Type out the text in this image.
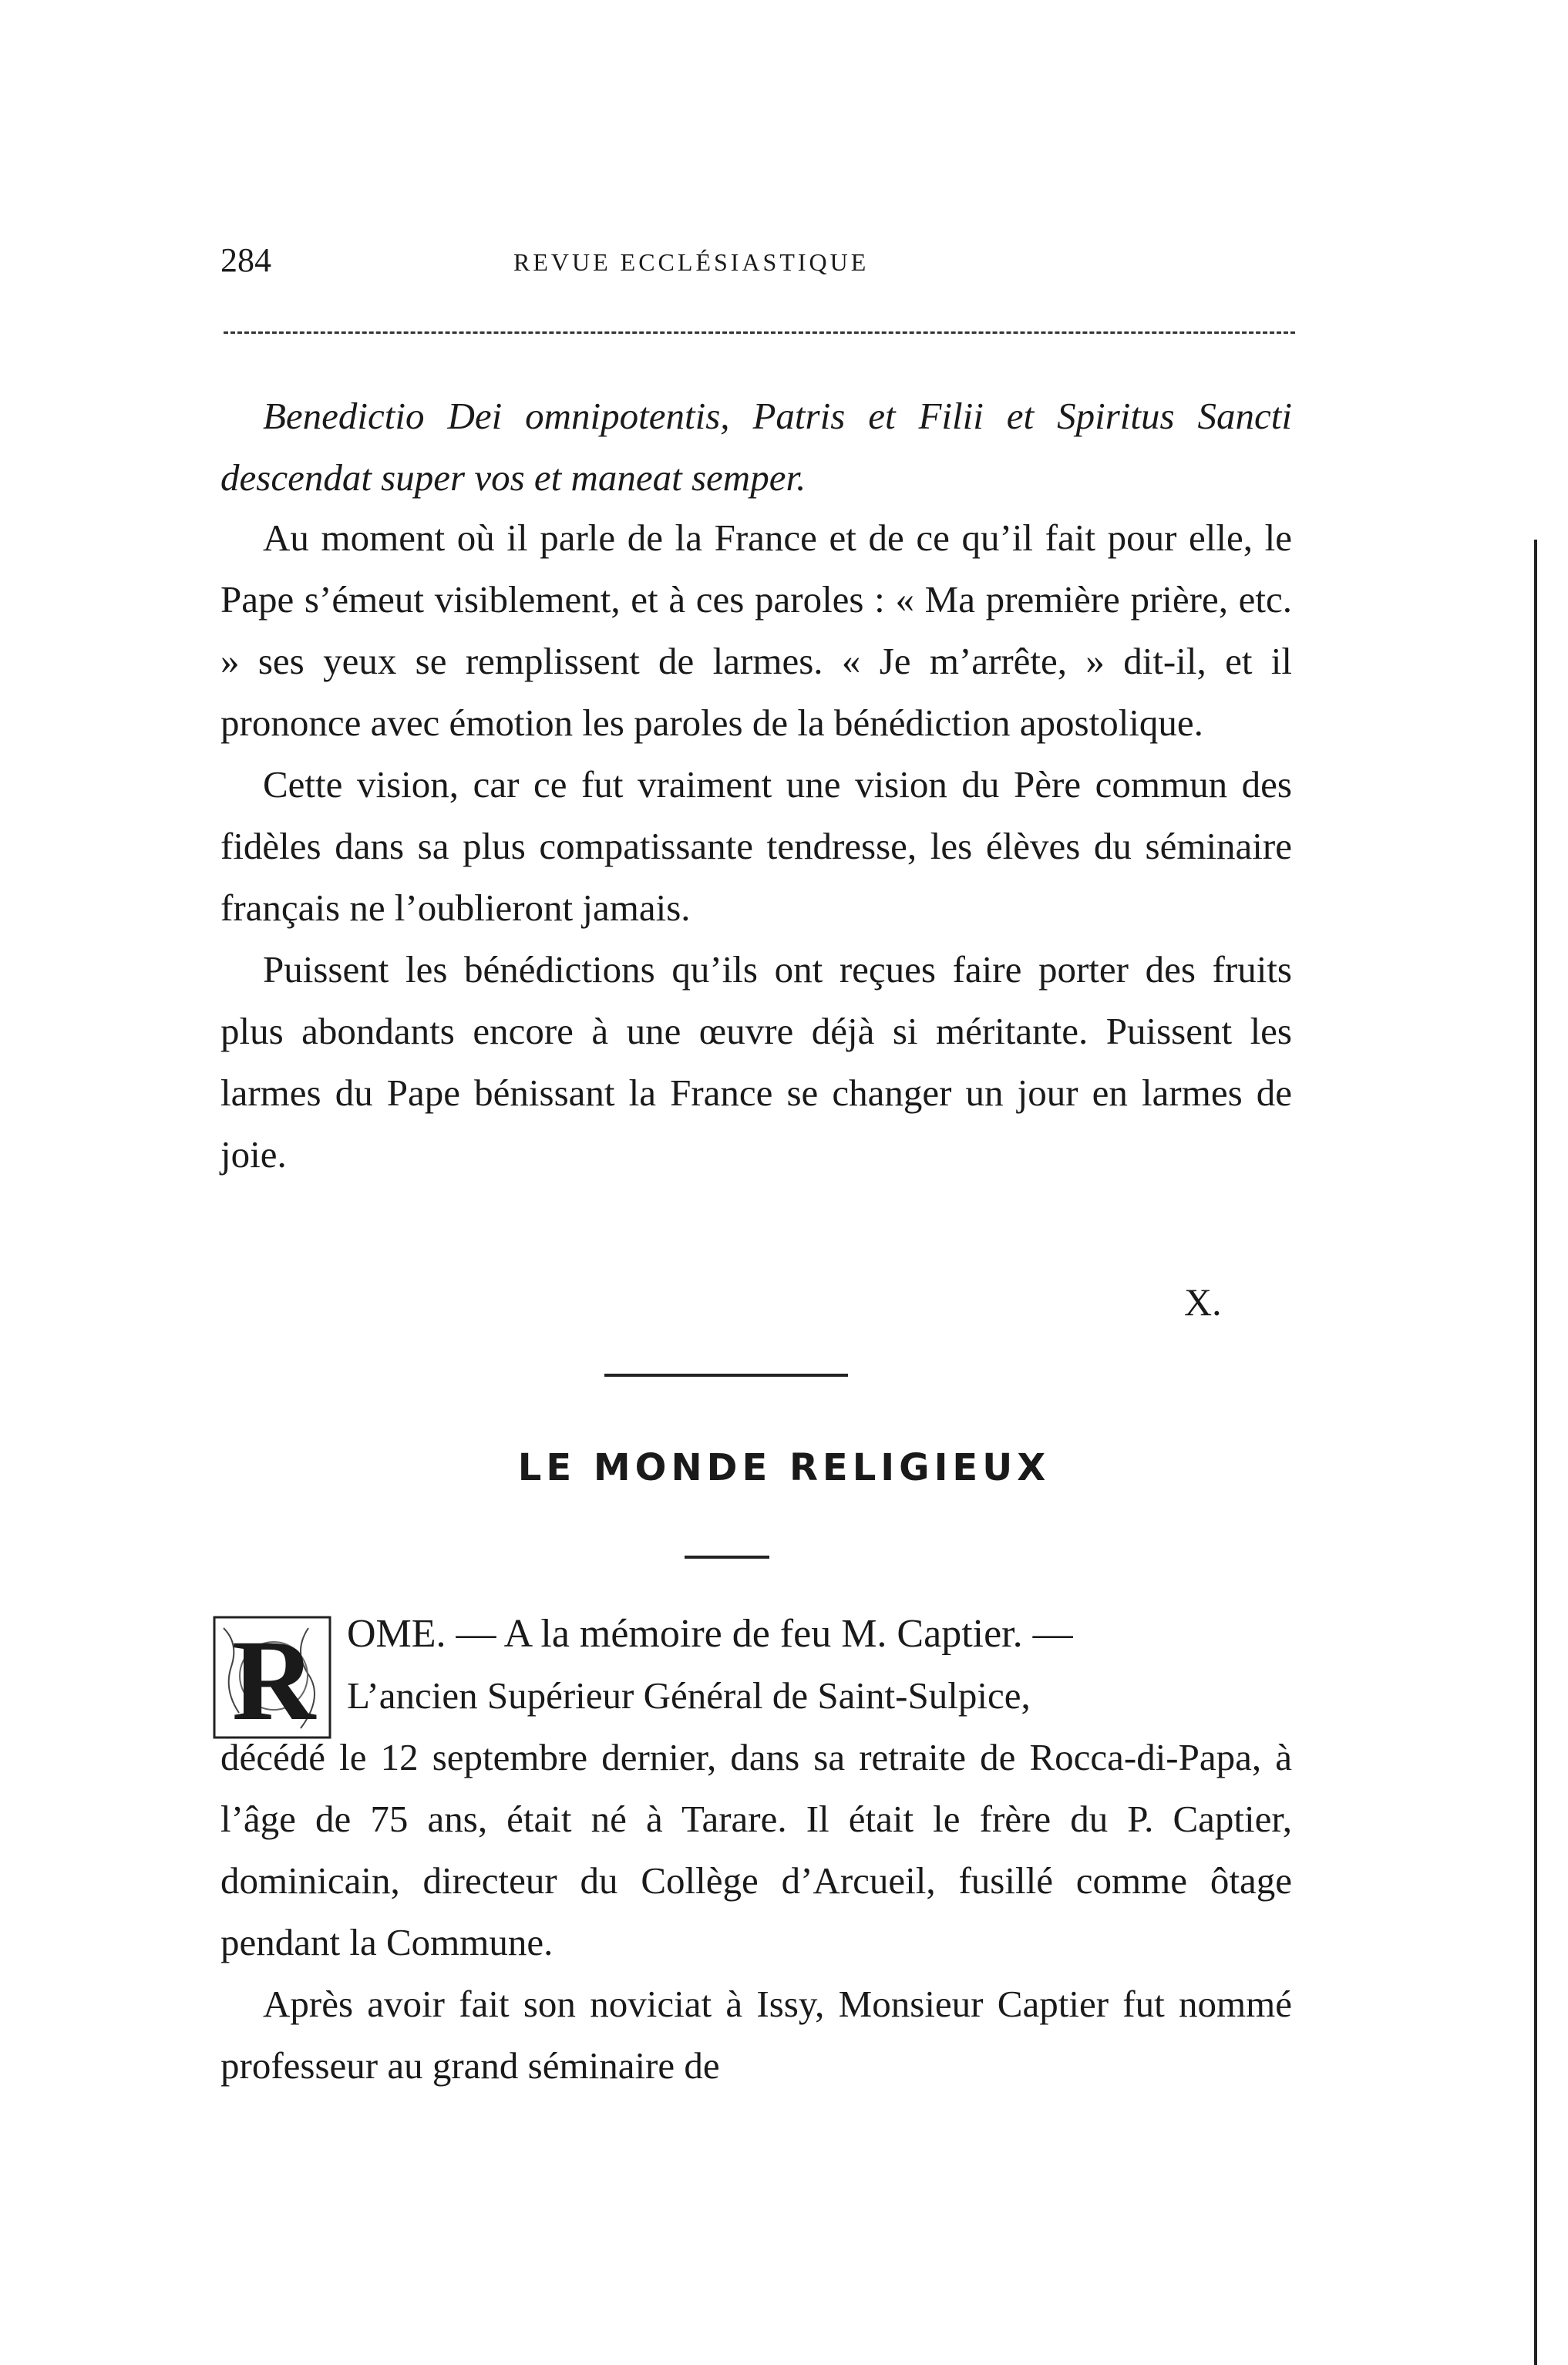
284	REVUE ECCLÉSIASTIQUE
Benedictio Dei omnipotentis, Patris et Filii et Spiritus Sancti descendat super vos et maneat semper.

Au moment où il parle de la France et de ce qu’il fait pour elle, le Pape s’émeut visiblement, et à ces paroles : « Ma première prière, etc. » ses yeux se remplissent de larmes. « Je m’arrête, » dit-il, et il prononce avec émotion les paroles de la bénédiction apostolique.

Cette vision, car ce fut vraiment une vision du Père commun des fidèles dans sa plus compatissante tendresse, les élèves du séminaire français ne l’oublieront jamais.

Puissent les bénédictions qu’ils ont reçues faire porter des fruits plus abondants encore à une œuvre déjà si méritante. Puissent les larmes du Pape bénissant la France se changer un jour en larmes de joie.

X.
LE MONDE RELIGIEUX
R OME. — A la mémoire de feu M. Captier. —

L’ancien Supérieur Général de Saint-Sulpice,

décédé le 12 septembre dernier, dans sa retraite de Rocca-di-Papa, à l’âge de 75 ans, était né à Tarare. Il était le frère du P. Captier, dominicain, directeur du Collège d’Arcueil, fusillé comme ôtage pendant la Commune.

Après avoir fait son noviciat à Issy, Monsieur Captier fut nommé professeur au grand séminaire de
